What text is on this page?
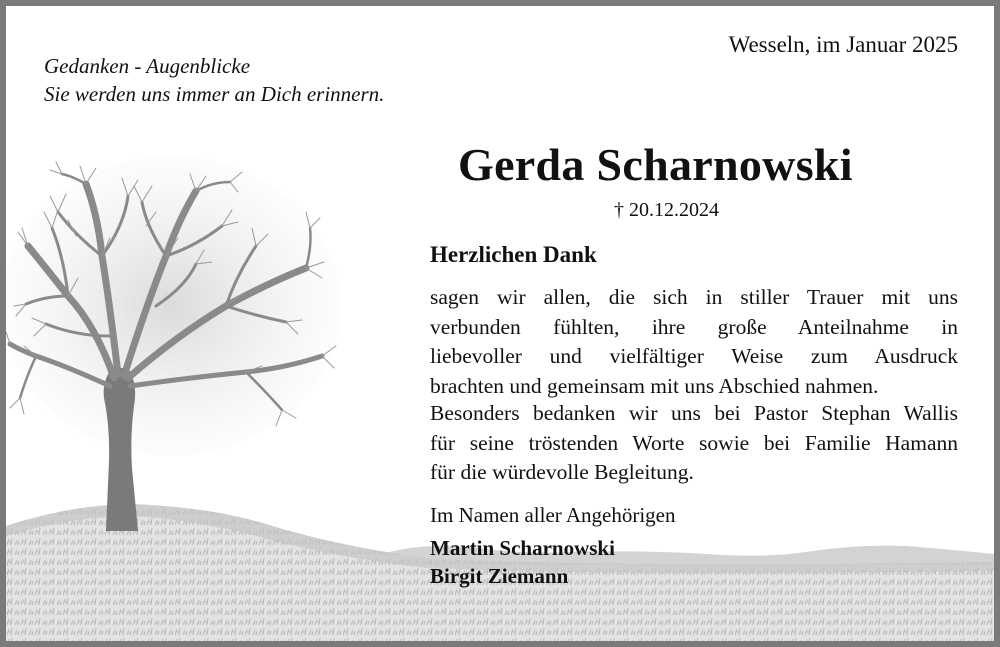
Wesseln, im Januar 2025
Gedanken - Augenblicke
Sie werden uns immer an Dich erinnern.
Gerda Scharnowski
† 20.12.2024
Herzlichen Dank
sagen wir allen, die sich in stiller Trauer mit uns
verbunden fühlten, ihre große Anteilnahme in
liebevoller und vielfältiger Weise zum Ausdruck
brachten und gemeinsam mit uns Abschied nahmen.
Besonders bedanken wir uns bei Pastor Stephan Wallis
für seine tröstenden Worte sowie bei Familie Hamann
für die würdevolle Begleitung.
Im Namen aller Angehörigen
Martin Scharnowski
Birgit Ziemann
